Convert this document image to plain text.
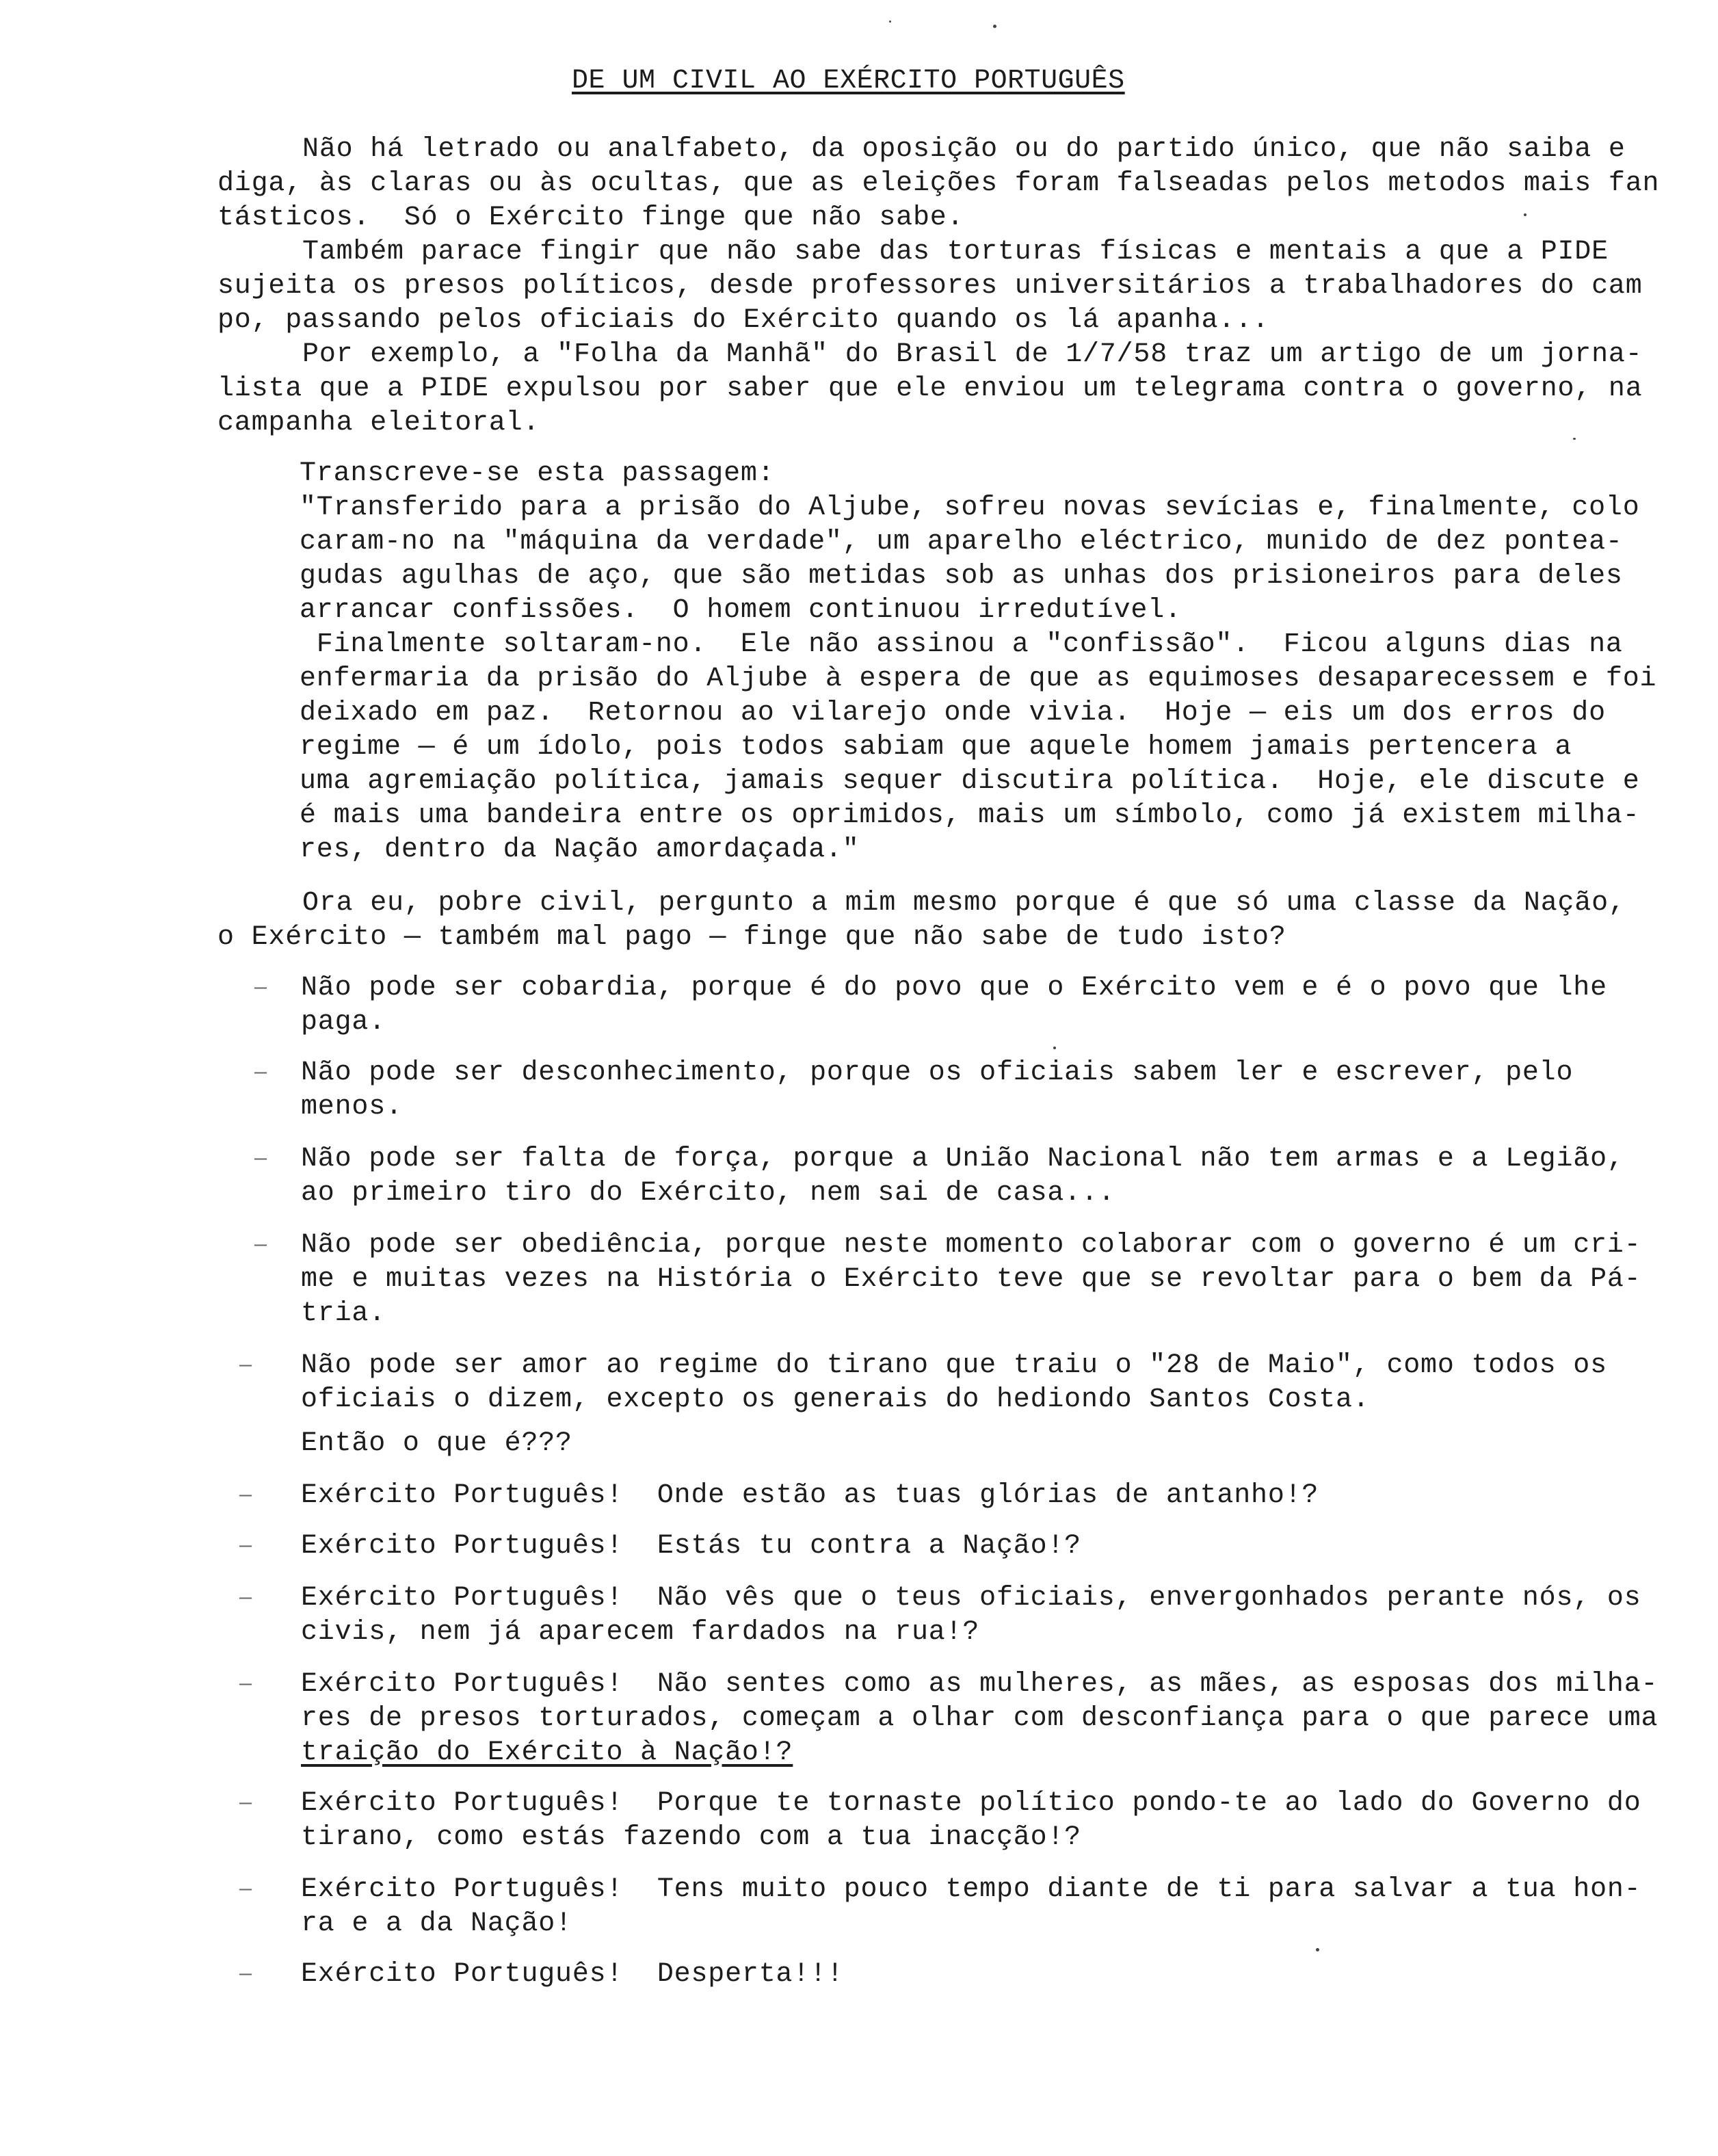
DE UM CIVIL AO EXÉRCITO PORTUGUÊS
Não há letrado ou analfabeto, da oposição ou do partido único, que não saiba e
diga, às claras ou às ocultas, que as eleições foram falseadas pelos metodos mais fan
tásticos.  Só o Exército finge que não sabe.
Também parace fingir que não sabe das torturas físicas e mentais a que a PIDE
sujeita os presos políticos, desde professores universitários a trabalhadores do cam
po, passando pelos oficiais do Exército quando os lá apanha...
Por exemplo, a "Folha da Manhã" do Brasil de 1/7/58 traz um artigo de um jorna-
lista que a PIDE expulsou por saber que ele enviou um telegrama contra o governo, na
campanha eleitoral.
Transcreve-se esta passagem:
"Transferido para a prisão do Aljube, sofreu novas sevícias e, finalmente, colo
caram-no na "máquina da verdade", um aparelho eléctrico, munido de dez pontea-
gudas agulhas de aço, que são metidas sob as unhas dos prisioneiros para deles
arrancar confissões.  O homem continuou irredutível.
Finalmente soltaram-no.  Ele não assinou a "confissão".  Ficou alguns dias na
enfermaria da prisão do Aljube à espera de que as equimoses desaparecessem e foi
deixado em paz.  Retornou ao vilarejo onde vivia.  Hoje — eis um dos erros do
regime — é um ídolo, pois todos sabiam que aquele homem jamais pertencera a
uma agremiação política, jamais sequer discutira política.  Hoje, ele discute e
é mais uma bandeira entre os oprimidos, mais um símbolo, como já existem milha-
res, dentro da Nação amordaçada."
Ora eu, pobre civil, pergunto a mim mesmo porque é que só uma classe da Nação,
o Exército — também mal pago — finge que não sabe de tudo isto?
— Não pode ser cobardia, porque é do povo que o Exército vem e é o povo que lhe
paga.
— Não pode ser desconhecimento, porque os oficiais sabem ler e escrever, pelo
menos.
— Não pode ser falta de força, porque a União Nacional não tem armas e a Legião,
ao primeiro tiro do Exército, nem sai de casa...
— Não pode ser obediência, porque neste momento colaborar com o governo é um cri-
me e muitas vezes na História o Exército teve que se revoltar para o bem da Pá-
tria.
— Não pode ser amor ao regime do tirano que traiu o "28 de Maio", como todos os
oficiais o dizem, excepto os generais do hediondo Santos Costa.
Então o que é???
— Exército Português!  Onde estão as tuas glórias de antanho!?
— Exército Português!  Estás tu contra a Nação!?
— Exército Português!  Não vês que o teus oficiais, envergonhados perante nós, os
civis, nem já aparecem fardados na rua!?
— Exército Português!  Não sentes como as mulheres, as mães, as esposas dos milha-
res de presos torturados, começam a olhar com desconfiança para o que parece uma
traição do Exército à Nação!?
— Exército Português!  Porque te tornaste político pondo-te ao lado do Governo do
tirano, como estás fazendo com a tua inacção!?
— Exército Português!  Tens muito pouco tempo diante de ti para salvar a tua hon-
ra e a da Nação!
— Exército Português!  Desperta!!!
